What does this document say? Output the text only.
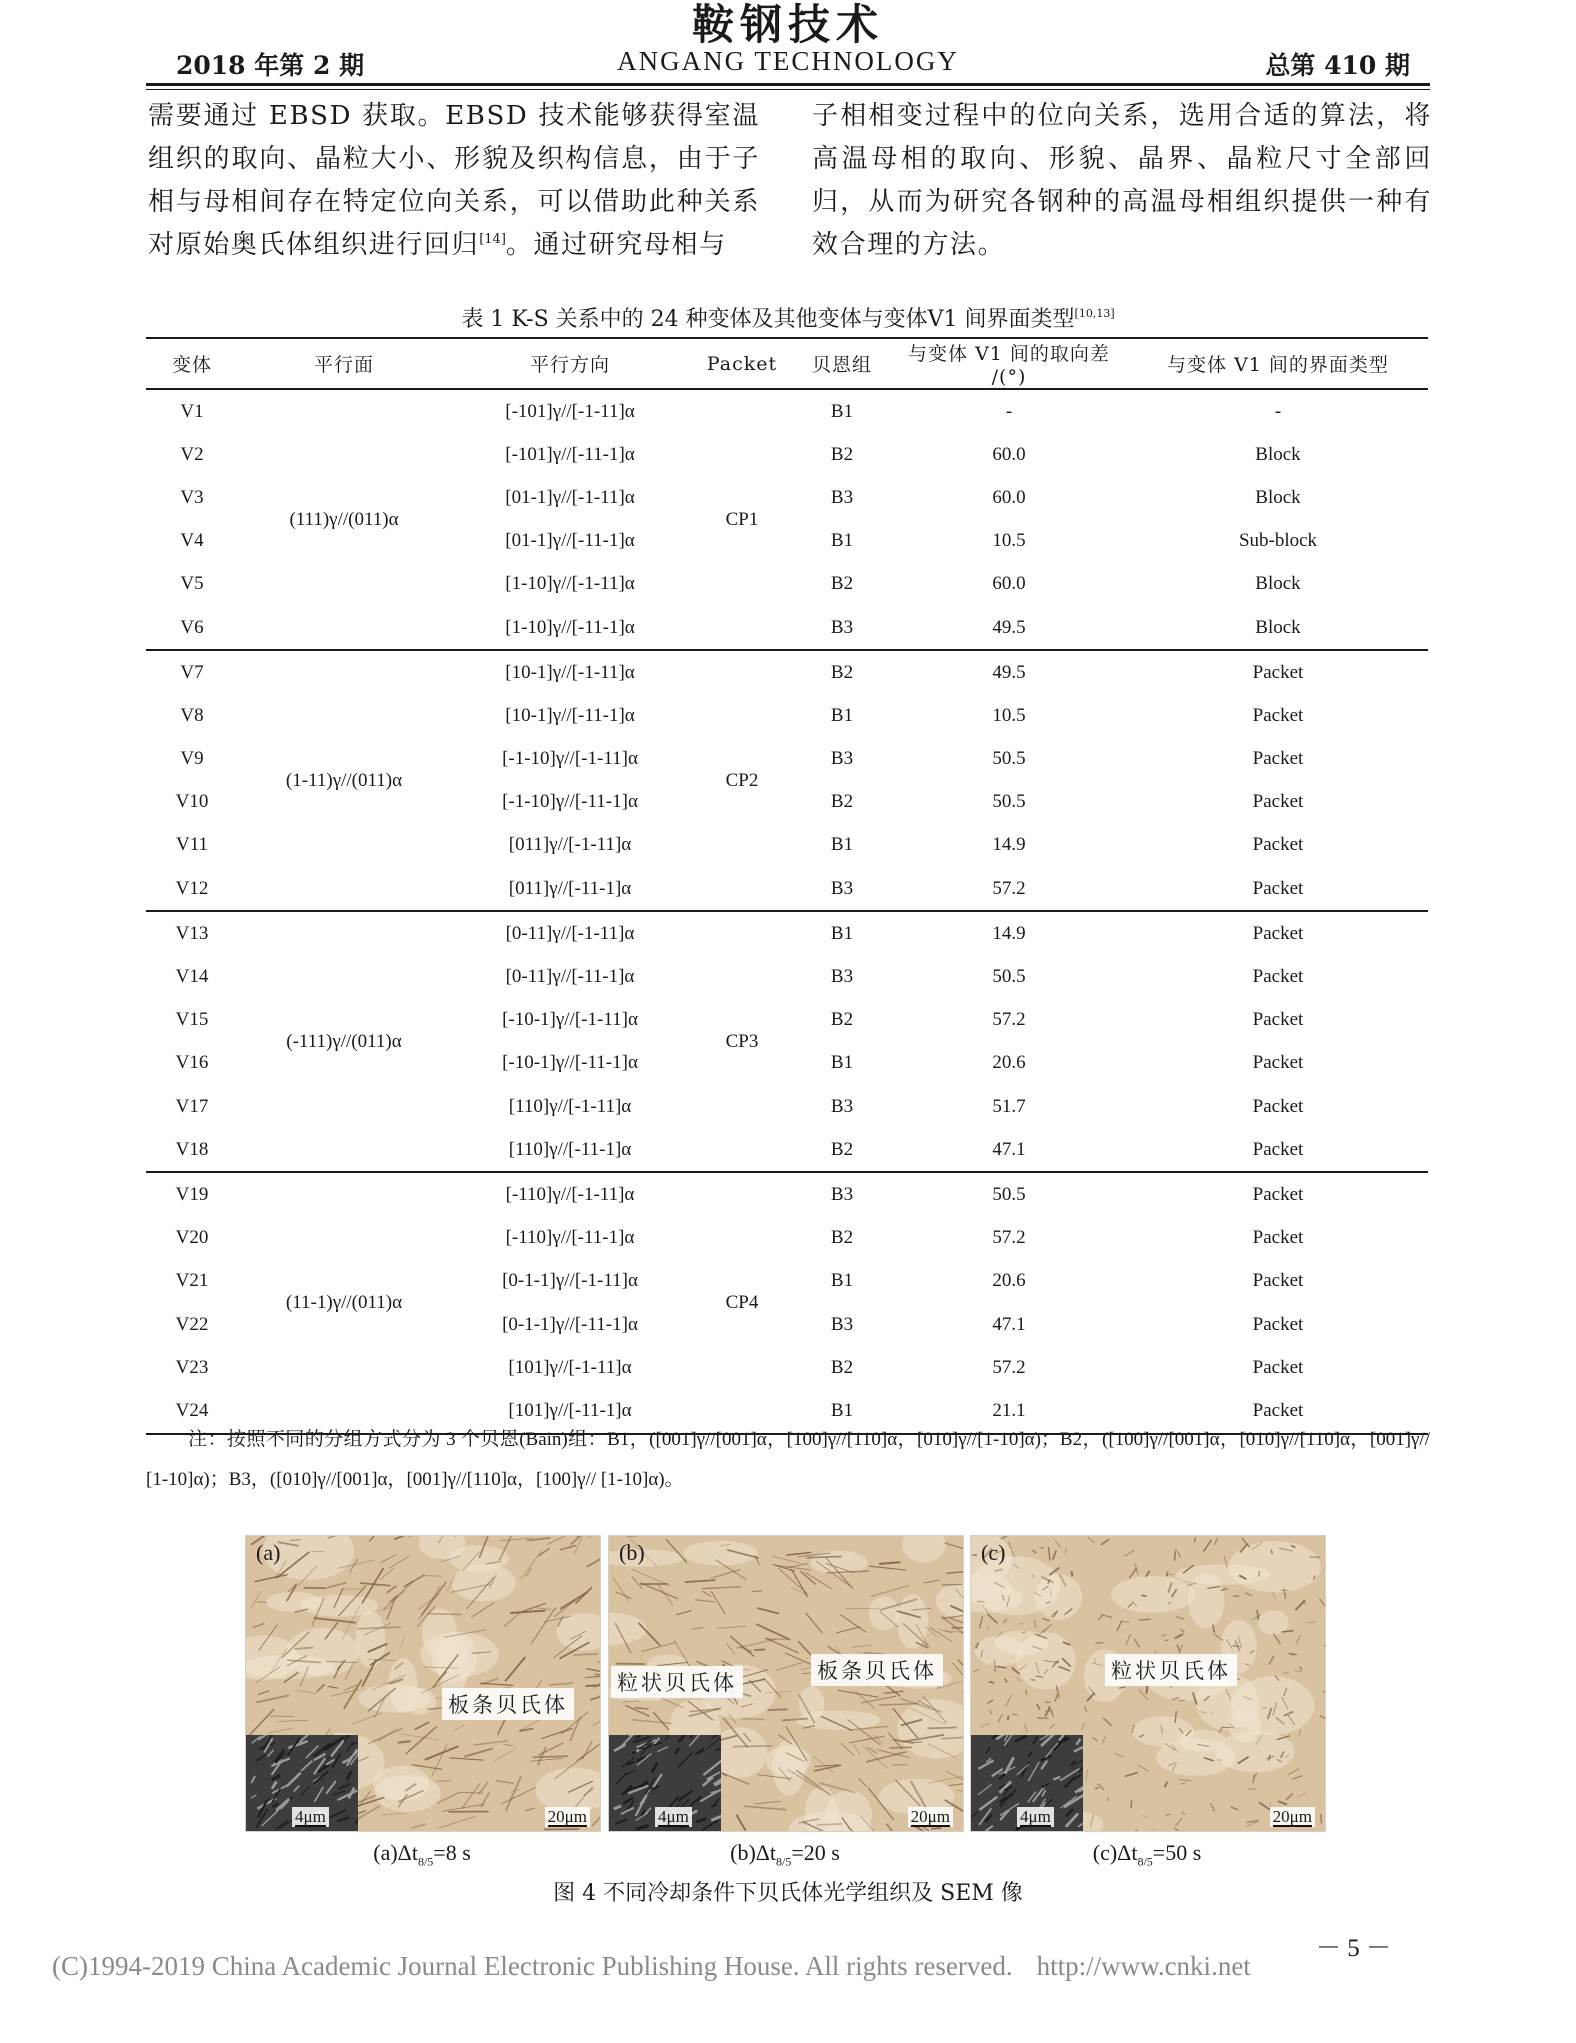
鞍钢技术
2018 年第 2 期	ANGANG TECHNOLOGY	总第 410 期
需要通过 EBSD 获取。EBSD 技术能够获得室温组织的取向、晶粒大小、形貌及织构信息，由于子相与母相间存在特定位向关系，可以借助此种关系对原始奥氏体组织进行回归[14]。通过研究母相与
子相相变过程中的位向关系，选用合适的算法，将高温母相的取向、形貌、晶界、晶粒尺寸全部回归，从而为研究各钢种的高温母相组织提供一种有效合理的方法。
表 1 K-S 关系中的 24 种变体及其他变体与变体V1 间界面类型[10,13]
变体	平行面	平行方向	Packet	贝恩组	与变体 V1 间的取向差 /(°)	与变体 V1 间的界面类型
V1	(111)γ//(011)α	[-101]γ//[-1-11]α	CP1	B1	-	-
V2		[-101]γ//[-11-1]α		B2	60.0	Block
V3		[01-1]γ//[-1-11]α		B3	60.0	Block
V4		[01-1]γ//[-11-1]α		B1	10.5	Sub-block
V5		[1-10]γ//[-1-11]α		B2	60.0	Block
V6		[1-10]γ//[-11-1]α		B3	49.5	Block
V7	(1-11)γ//(011)α	[10-1]γ//[-1-11]α	CP2	B2	49.5	Packet
V8		[10-1]γ//[-11-1]α		B1	10.5	Packet
V9		[-1-10]γ//[-1-11]α		B3	50.5	Packet
V10		[-1-10]γ//[-11-1]α		B2	50.5	Packet
V11		[011]γ//[-1-11]α		B1	14.9	Packet
V12		[011]γ//[-11-1]α		B3	57.2	Packet
V13	(-111)γ//(011)α	[0-11]γ//[-1-11]α	CP3	B1	14.9	Packet
V14		[0-11]γ//[-11-1]α		B3	50.5	Packet
V15		[-10-1]γ//[-1-11]α		B2	57.2	Packet
V16		[-10-1]γ//[-11-1]α		B1	20.6	Packet
V17		[110]γ//[-1-11]α		B3	51.7	Packet
V18		[110]γ//[-11-1]α		B2	47.1	Packet
V19	(11-1)γ//(011)α	[-110]γ//[-1-11]α	CP4	B3	50.5	Packet
V20		[-110]γ//[-11-1]α		B2	57.2	Packet
V21		[0-1-1]γ//[-1-11]α		B1	20.6	Packet
V22		[0-1-1]γ//[-11-1]α		B3	47.1	Packet
V23		[101]γ//[-1-11]α		B2	57.2	Packet
V24		[101]γ//[-11-1]α		B1	21.1	Packet
注：按照不同的分组方式分为 3 个贝恩(Bain)组：B1，([001]γ//[001]α，[100]γ//[110]α，[010]γ//[1-10]α)；B2，([100]γ//[001]α，[010]γ//[110]α，[001]γ// [1-10]α)；B3，([010]γ//[001]α，[001]γ//[110]α，[100]γ// [1-10]α)。
(a)
板条贝氏体
4μm	20μm
(b)
粒状贝氏体	板条贝氏体
4μm	20μm
(c)
粒状贝氏体
4μm	20μm
$(a)\Delta t_{8/5}=8$ s	$(b)\Delta t_{8/5}=20$ s	$(c)\Delta t_{8/5}=50$ s
图 4 不同冷却条件下贝氏体光学组织及 SEM 像
－ 5 －
(C)1994-2019 China Academic Journal Electronic Publishing House. All rights reserved. http://www.cnki.net
